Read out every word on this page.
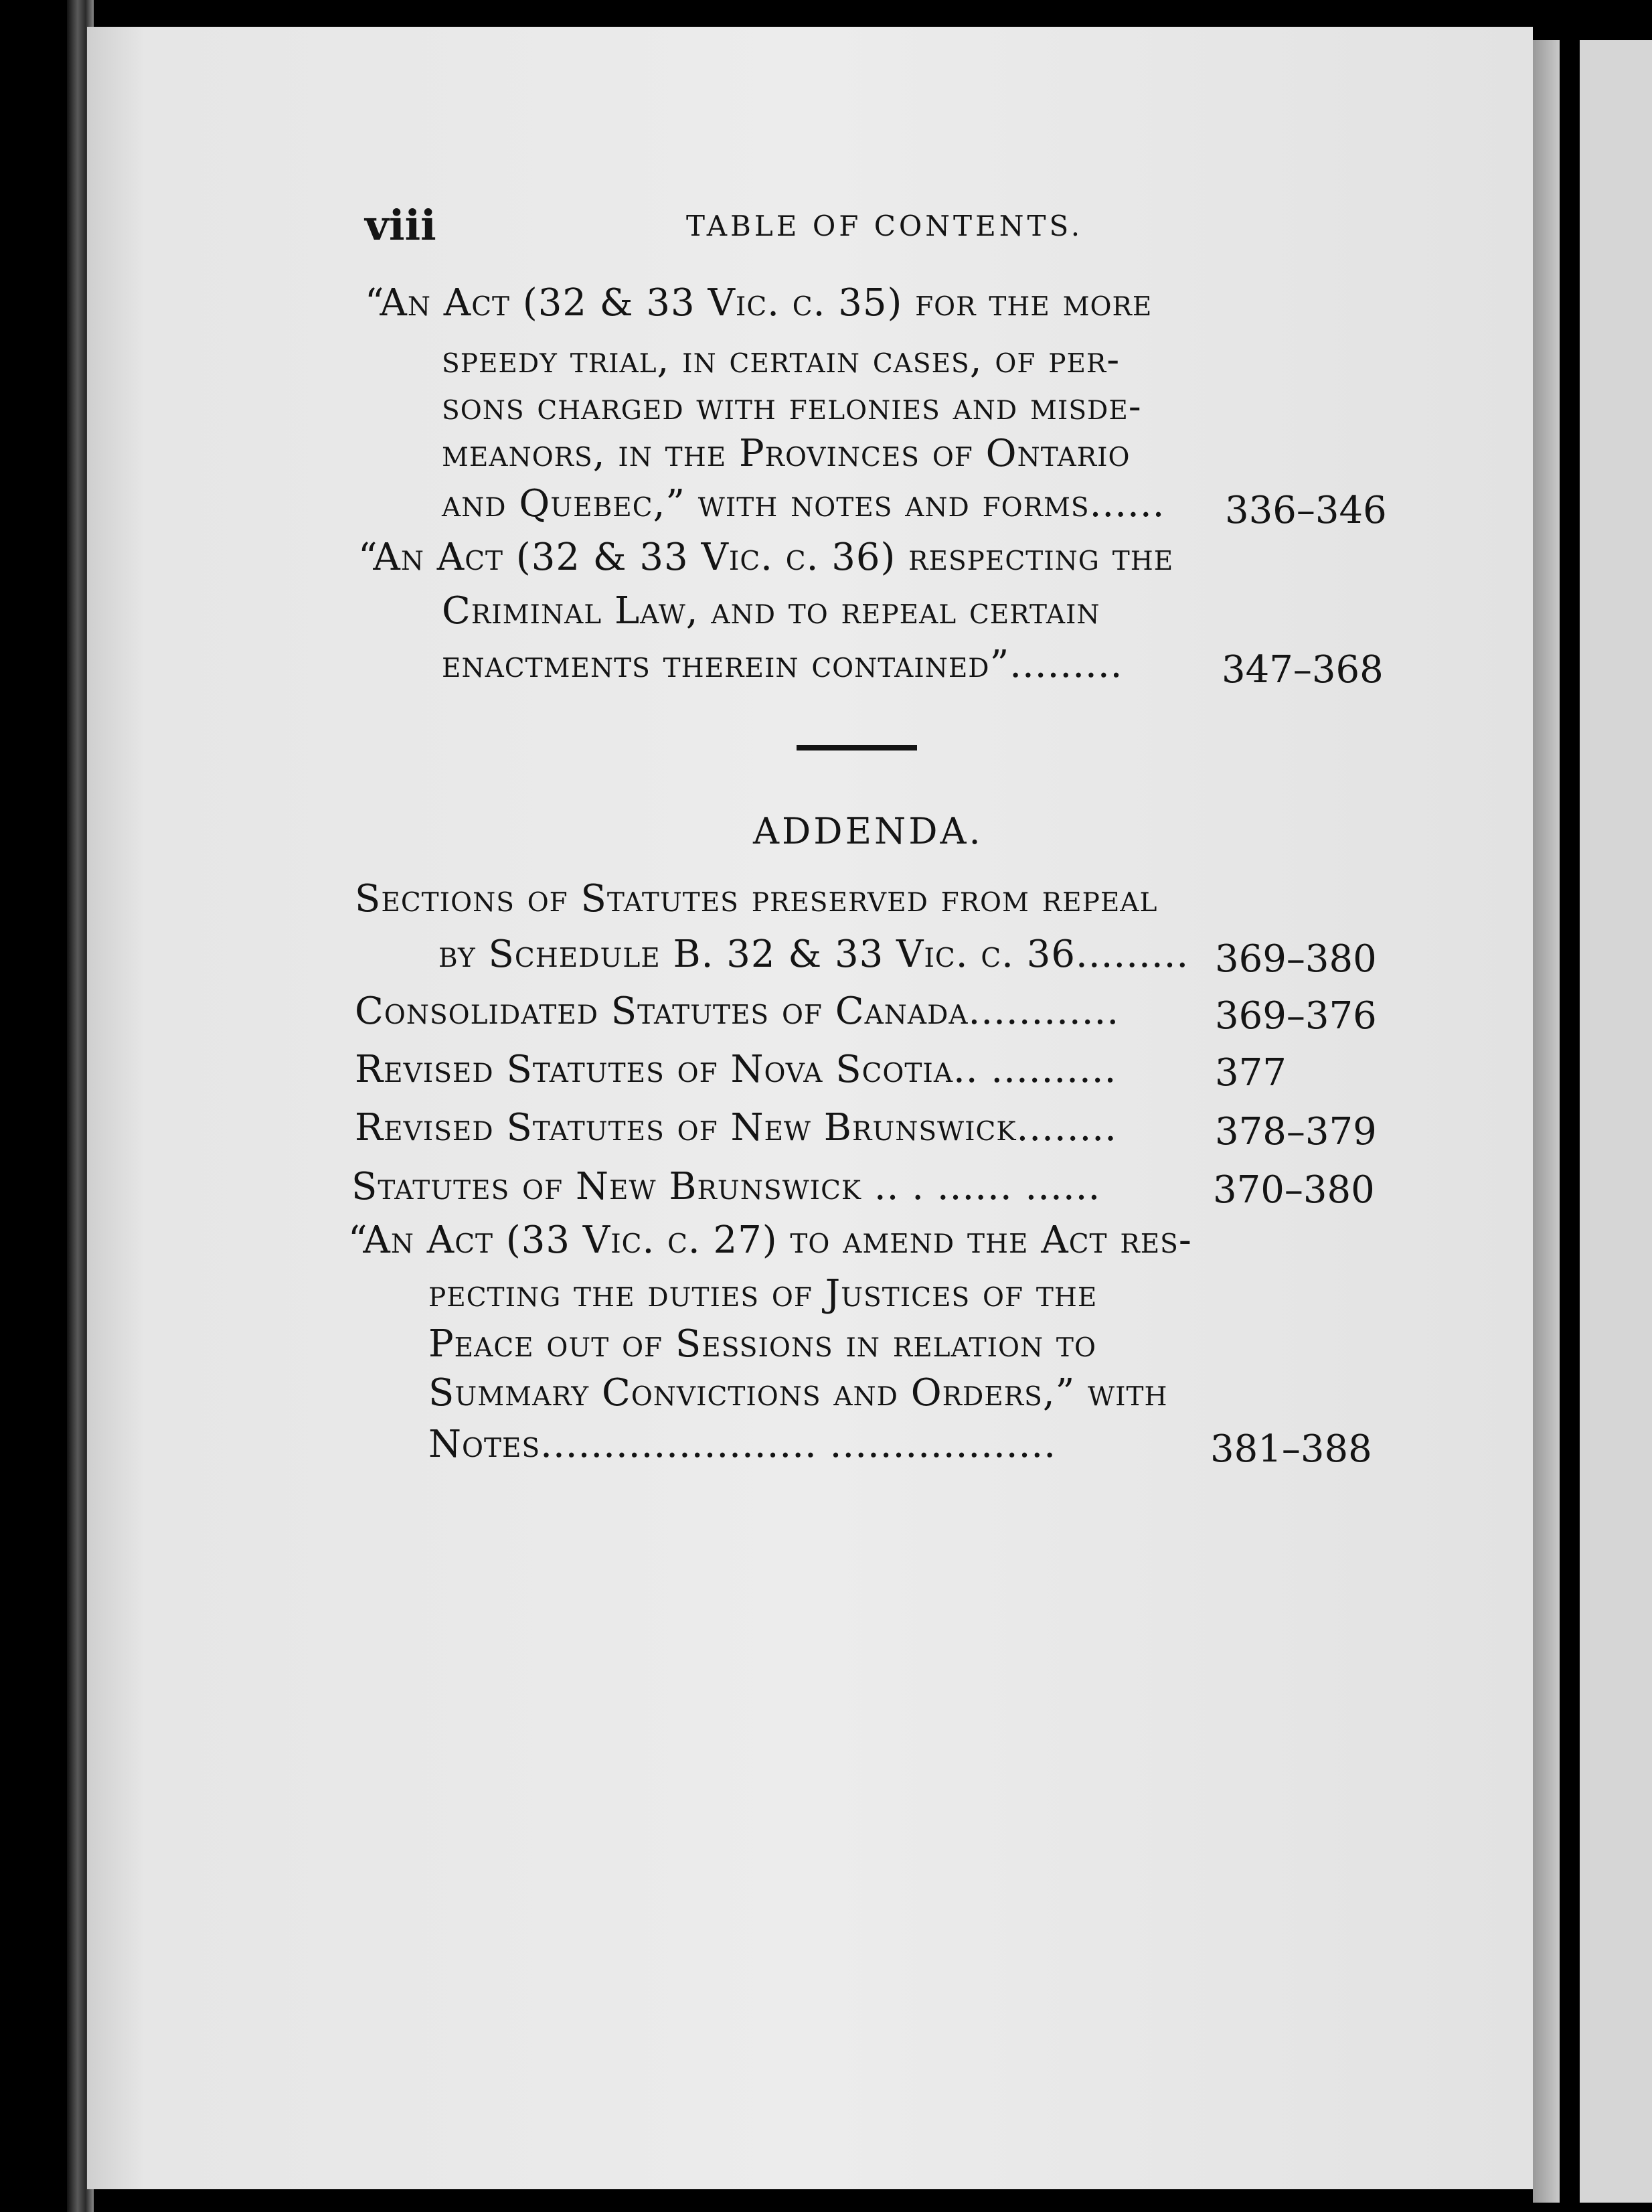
viii	TABLE OF CONTENTS.
“An Act (32 & 33 Vic. c. 35) for the more
speedy trial, in certain cases, of per-
sons charged with felonies and misde-
meanors, in the Provinces of Ontario
and Quebec,” with notes and forms...... 336–346
“An Act (32 & 33 Vic. c. 36) respecting the
Criminal Law, and to repeal certain
enactments therein contained”.........	347–368
ADDENDA.
Sections of Statutes preserved from repeal
by Schedule B. 32 & 33 Vic. c. 36......... 369–380
Consolidated Statutes of Canada............	369–376
Revised Statutes of Nova Scotia.. ..........	377
Revised Statutes of New Brunswick........	378–379
Statutes of New Brunswick .. . ...... ......	370–380
“An Act (33 Vic. c. 27) to amend the Act res-
pecting the duties of Justices of the
Peace out of Sessions in relation to
Summary Convictions and Orders,” with
Notes...................... ..................	381–388
